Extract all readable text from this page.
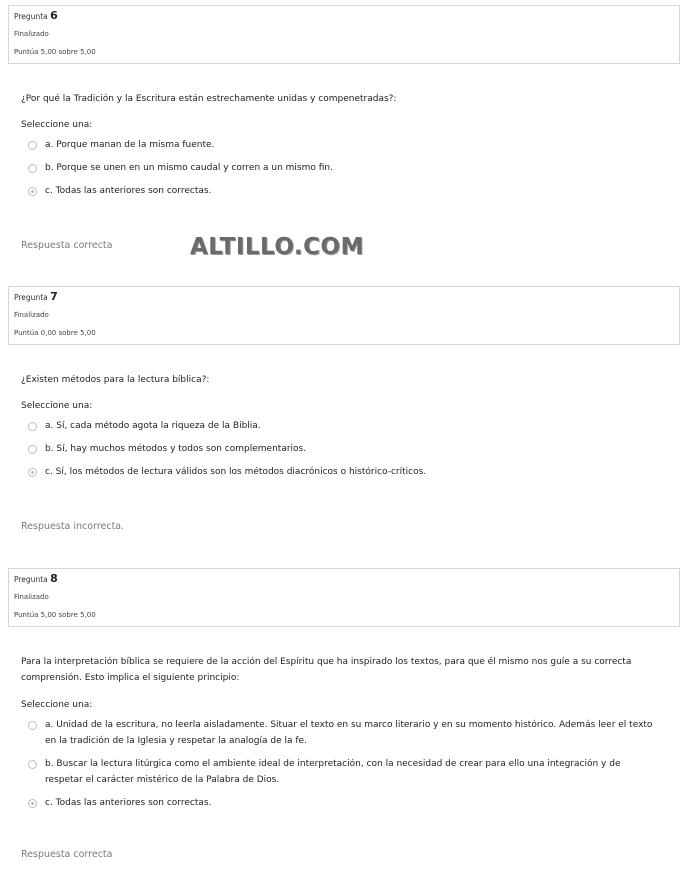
Pregunta 6
Finalizado
Puntúa 5,00 sobre 5,00
¿Por qué la Tradición y la Escritura están estrechamente unidas y compenetradas?:
Seleccione una:
a. Porque manan de la misma fuente.
b. Porque se unen en un mismo caudal y corren a un mismo fin.
c. Todas las anteriores son correctas.
Respuesta correcta	ALTILLO.COM
Pregunta 7
Finalizado
Puntúa 0,00 sobre 5,00
¿Existen métodos para la lectura bíblica?:
Seleccione una:
a. Sí, cada método agota la riqueza de la Biblia.
b. Sí, hay muchos métodos y todos son complementarios.
c. Sí, los métodos de lectura válidos son los métodos diacrónicos o histórico-críticos.
Respuesta incorrecta.
Pregunta 8
Finalizado
Puntúa 5,00 sobre 5,00
Para la interpretación bíblica se requiere de la acción del Espíritu que ha inspirado los textos, para que él mismo nos guíe a su correcta comprensión. Esto implica el siguiente principio:
Seleccione una:
a. Unidad de la escritura, no leerla aisladamente. Situar el texto en su marco literario y en su momento histórico. Además leer el texto en la tradición de la Iglesia y respetar la analogía de la fe.
b. Buscar la lectura litúrgica como el ambiente ideal de interpretación, con la necesidad de crear para ello una integración y de respetar el carácter mistérico de la Palabra de Dios.
c. Todas las anteriores son correctas.
Respuesta correcta
